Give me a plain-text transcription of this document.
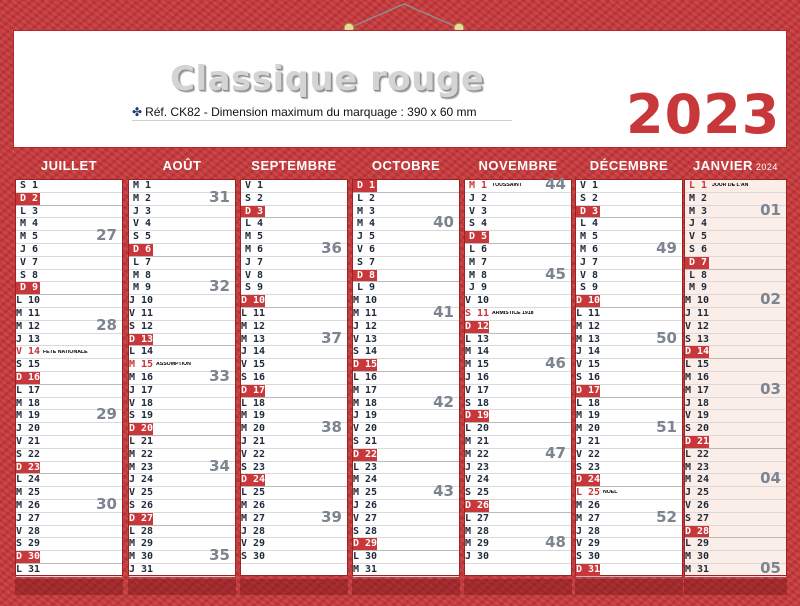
Classique rouge
✤ Réf. CK82 - Dimension maximum du marquage : 390 x 60 mm	2023
JUILLET
S 1
D 2
L 3
M 4
M 5
J 6
V 7
S 8
D 9
L 10
M 11
M 12
J 13
V 14 FÊTE NATIONALE
S 15
D 16
L 17
M 18
M 19
J 20
V 21
S 22
D 23
L 24
M 25
M 26
J 27
V 28
S 29
D 30
L 31
27
28
29
30
AOÛT
M 1
M 2
J 3
V 4
S 5
D 6
L 7
M 8
M 9
J 10
V 11
S 12
D 13
L 14
M 15 ASSOMPTION
M 16
J 17
V 18
S 19
D 20
L 21
M 22
M 23
J 24
V 25
S 26
D 27
L 28
M 29
M 30
J 31
31
32
33
34
35
SEPTEMBRE
V 1
S 2
D 3
L 4
M 5
M 6
J 7
V 8
S 9
D 10
L 11
M 12
M 13
J 14
V 15
S 16
D 17
L 18
M 19
M 20
J 21
V 22
S 23
D 24
L 25
M 26
M 27
J 28
V 29
S 30
36
37
38
39
OCTOBRE
D 1
L 2
M 3
M 4
J 5
V 6
S 7
D 8
L 9
M 10
M 11
J 12
V 13
S 14
D 15
L 16
M 17
M 18
J 19
V 20
S 21
D 22
L 23
M 24
M 25
J 26
V 27
S 28
D 29
L 30
M 31
40
41
42
43
NOVEMBRE
M 1 TOUSSAINT
J 2
V 3
S 4
D 5
L 6
M 7
M 8
J 9
V 10
S 11 ARMISTICE 1918
D 12
L 13
M 14
M 15
J 16
V 17
S 18
D 19
L 20
M 21
M 22
J 23
V 24
S 25
D 26
L 27
M 28
M 29
J 30
44
45
46
47
48
DÉCEMBRE
V 1
S 2
D 3
L 4
M 5
M 6
J 7
V 8
S 9
D 10
L 11
M 12
M 13
J 14
V 15
S 16
D 17
L 18
M 19
M 20
J 21
V 22
S 23
D 24
L 25 NOËL
M 26
M 27
J 28
V 29
S 30
D 31
49
50
51
52
JANVIER 2024
L 1 JOUR DE L'AN
M 2
M 3
J 4
V 5
S 6
D 7
L 8
M 9
M 10
J 11
V 12
S 13
D 14
L 15
M 16
M 17
J 18
V 19
S 20
D 21
L 22
M 23
M 24
J 25
V 26
S 27
D 28
L 29
M 30
M 31
01
02
03
04
05
